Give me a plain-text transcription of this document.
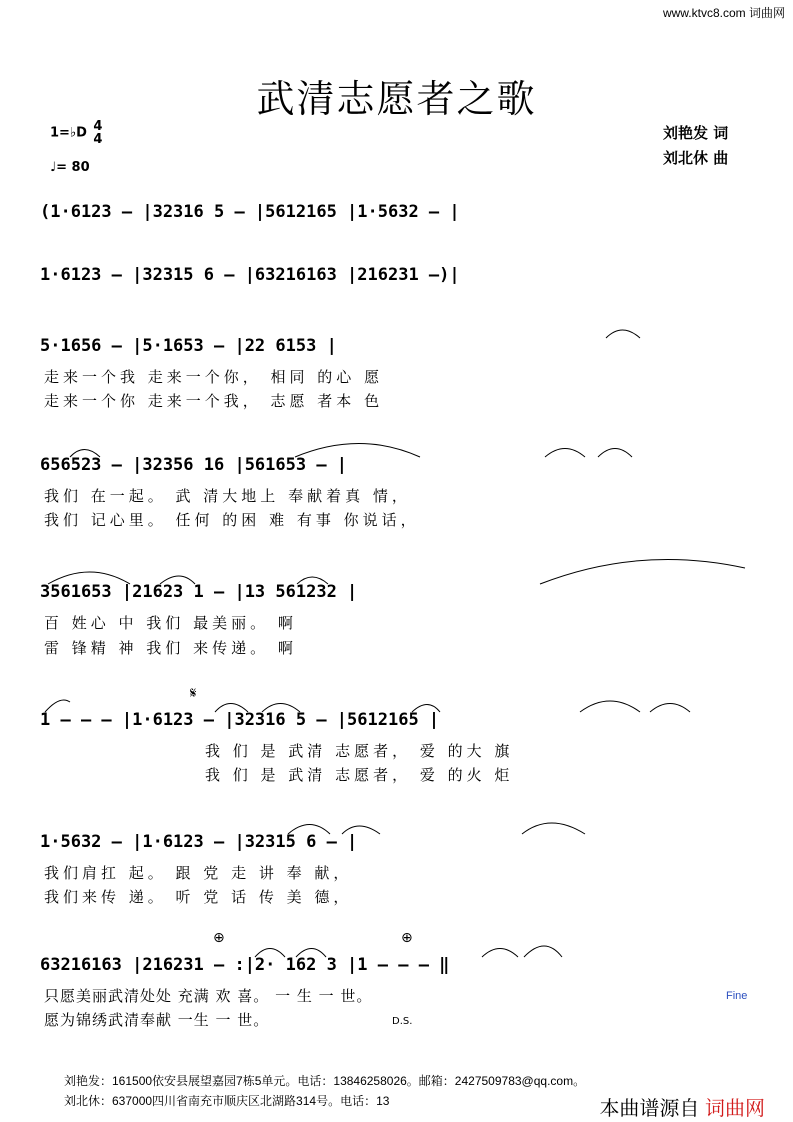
www.ktvc8.com 词曲网
武清志愿者之歌
1=♭D 4
4
♩= 80
刘艳发 词
刘北休 曲
(1·6123 – |32316 5 – |5612165 |1·5632 – |
1·6123 – |32315 6 – |63216163 |216231 –)|
5·1656 – |5·1653 – |22 6153 |
走来一个我 走来一个你， 相同 的心 愿
走来一个你 走来一个我， 志愿 者本 色
656523 – |32356 16 |561653 – |
我们 在一起。 武 清大地上 奉献着真 情，
我们 记心里。 任何 的困 难 有事 你说话，
3561653 |21623 1 – |13 561232 |
百 姓心 中 我们 最美丽。 啊
雷 锋精 神 我们 来传递。 啊
𝄋
1 – – – |1·6123 – |32316 5 – |5612165 |
我 们 是 武清 志愿者， 爱 的大 旗
我 们 是 武清 志愿者， 爱 的火 炬
1·5632 – |1·6123 – |32315 6 – |
我们肩扛 起。 跟 党 走 讲 奉 献，
我们来传 递。 听 党 话 传 美 德，
⊕	⊕
63216163 |216231 – :|2· 162 3 |1 – – – ‖
只愿美丽武清处处 充满 欢 喜。 一 生 一 世。
愿为锦绣武清奉献 一生 一 世。	D.S.
Fine
刘艳发：161500依安县展望嘉园7栋5单元。电话：13846258026。邮箱：2427509783@qq.com。
刘北休：637000四川省南充市顺庆区北湖路314号。电话：13	本曲谱源自 词曲网
